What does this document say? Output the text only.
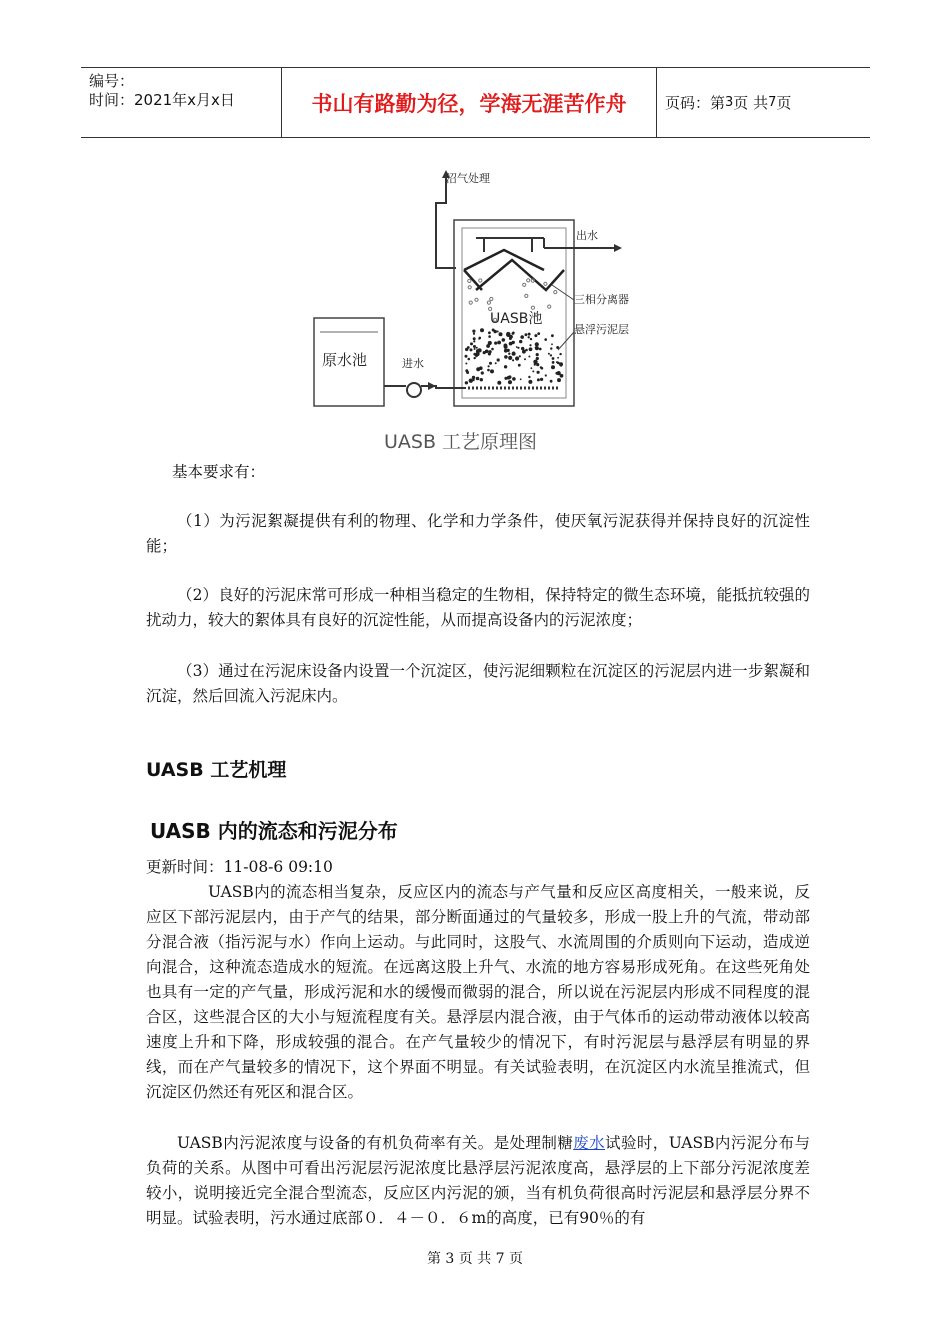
编号：
时间：2021年x月x日	书山有路勤为径，学海无涯苦作舟	页码：第 3 页 共 7 页
沼气处理
出水
三相分离器
UASB池
悬浮污泥层
原水池	进水
UASB 工艺原理图
基本要求有：
（1）为污泥絮凝提供有利的物理、化学和力学条件，使厌氧污泥获得并保持良好的沉淀性能；
（2）良好的污泥床常可形成一种相当稳定的生物相，保持特定的微生态环境，能抵抗较强的扰动力，较大的絮体具有良好的沉淀性能，从而提高设备内的污泥浓度；
（3）通过在污泥床设备内设置一个沉淀区，使污泥细颗粒在沉淀区的污泥层内进一步絮凝和沉淀，然后回流入污泥床内。
UASB 工艺机理
UASB 内的流态和污泥分布
更新时间：11-08-6 09:10
UASB内的流态相当复杂，反应区内的流态与产气量和反应区高度相关，一般来说，反应区下部污泥层内，由于产气的结果，部分断面通过的气量较多，形成一股上升的气流，带动部分混合液（指污泥与水）作向上运动。与此同时，这股气、水流周围的介质则向下运动，造成逆向混合，这种流态造成水的短流。在远离这股上升气、水流的地方容易形成死角。在这些死角处也具有一定的产气量，形成污泥和水的缓慢而微弱的混合，所以说在污泥层内形成不同程度的混合区，这些混合区的大小与短流程度有关。悬浮层内混合液，由于气体币的运动带动液体以较高速度上升和下降，形成较强的混合。在产气量较少的情况下，有时污泥层与悬浮层有明显的界线，而在产气量较多的情况下，这个界面不明显。有关试验表明，在沉淀区内水流呈推流式，但沉淀区仍然还有死区和混合区。
UASB内污泥浓度与设备的有机负荷率有关。是处理制糖废水试验时，UASB内污泥分布与负荷的关系。从图中可看出污泥层污泥浓度比悬浮层污泥浓度高，悬浮层的上下部分污泥浓度差较小，说明接近完全混合型流态，反应区内污泥的颁，当有机负荷很高时污泥层和悬浮层分界不明显。试验表明，污水通过底部０．４－０．６m的高度，已有90％的有
第 3 页 共 7 页
